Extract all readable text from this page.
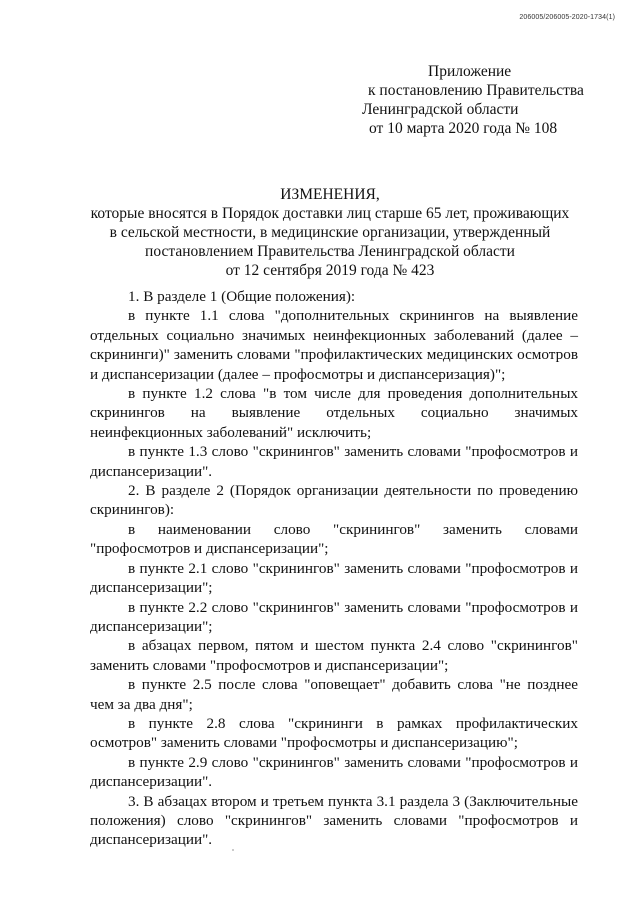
206005/206005-2020-1734(1)
Приложение
к постановлению Правительства
Ленинградской области
от 10 марта 2020 года № 108
ИЗМЕНЕНИЯ,
которые вносятся в Порядок доставки лиц старше 65 лет, проживающих
в сельской местности, в медицинские организации, утвержденный
постановлением Правительства Ленинградской области
от 12 сентября 2019 года № 423

1. В разделе 1 (Общие положения):

в пункте 1.1 слова "дополнительных скринингов на выявление отдельных социально значимых неинфекционных заболеваний (далее – скрининги)" заменить словами "профилактических медицинских осмотров и диспансеризации (далее – профосмотры и диспансеризация)";

в пункте 1.2 слова "в том числе для проведения дополнительных скринингов на выявление отдельных социально значимых неинфекционных заболеваний" исключить;

в пункте 1.3 слово "скринингов" заменить словами "профосмотров и диспансеризации".

2. В разделе 2 (Порядок организации деятельности по проведению скринингов):

в наименовании слово "скринингов" заменить словами "профосмотров и диспансеризации";

в пункте 2.1 слово "скринингов" заменить словами "профосмотров и диспансеризации";

в пункте 2.2 слово "скринингов" заменить словами "профосмотров и диспансеризации";

в абзацах первом, пятом и шестом пункта 2.4 слово "скринингов" заменить словами "профосмотров и диспансеризации";

в пункте 2.5 после слова "оповещает" добавить слова "не позднее чем за два дня";

в пункте 2.8 слова "скрининги в рамках профилактических осмотров" заменить словами "профосмотры и диспансеризацию";

в пункте 2.9 слово "скринингов" заменить словами "профосмотров и диспансеризации".

3. В абзацах втором и третьем пункта 3.1 раздела 3 (Заключительные положения) слово "скринингов" заменить словами "профосмотров и диспансеризации".
